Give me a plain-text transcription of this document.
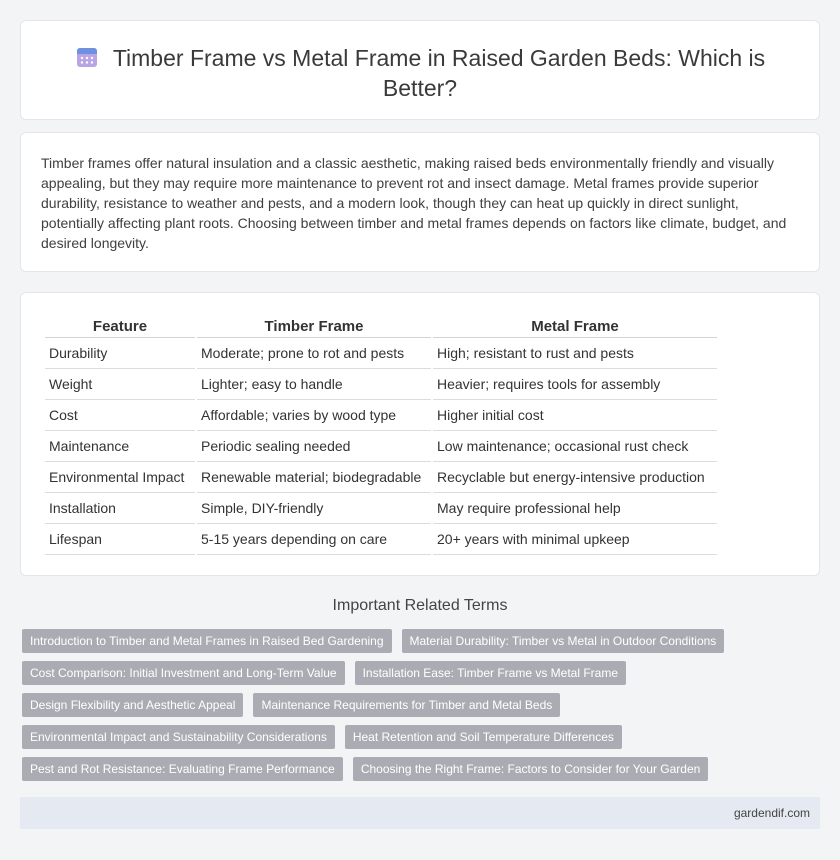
Timber Frame vs Metal Frame in Raised Garden Beds: Which is Better?

Timber frames offer natural insulation and a classic aesthetic, making raised beds environmentally friendly and visually appealing, but they may require more maintenance to prevent rot and insect damage. Metal frames provide superior durability, resistance to weather and pests, and a modern look, though they can heat up quickly in direct sunlight, potentially affecting plant roots. Choosing between timber and metal frames depends on factors like climate, budget, and desired longevity.

Feature	Timber Frame	Metal Frame
Durability	Moderate; prone to rot and pests	High; resistant to rust and pests
Weight	Lighter; easy to handle	Heavier; requires tools for assembly
Cost	Affordable; varies by wood type	Higher initial cost
Maintenance	Periodic sealing needed	Low maintenance; occasional rust check
Environmental Impact	Renewable material; biodegradable	Recyclable but energy-intensive production
Installation	Simple, DIY-friendly	May require professional help
Lifespan	5-15 years depending on care	20+ years with minimal upkeep
Important Related Terms
Introduction to Timber and Metal Frames in Raised Bed Gardening	Material Durability: Timber vs Metal in Outdoor Conditions
Cost Comparison: Initial Investment and Long-Term Value	Installation Ease: Timber Frame vs Metal Frame
Design Flexibility and Aesthetic Appeal	Maintenance Requirements for Timber and Metal Beds
Environmental Impact and Sustainability Considerations	Heat Retention and Soil Temperature Differences
Pest and Rot Resistance: Evaluating Frame Performance	Choosing the Right Frame: Factors to Consider for Your Garden
gardendif.com
